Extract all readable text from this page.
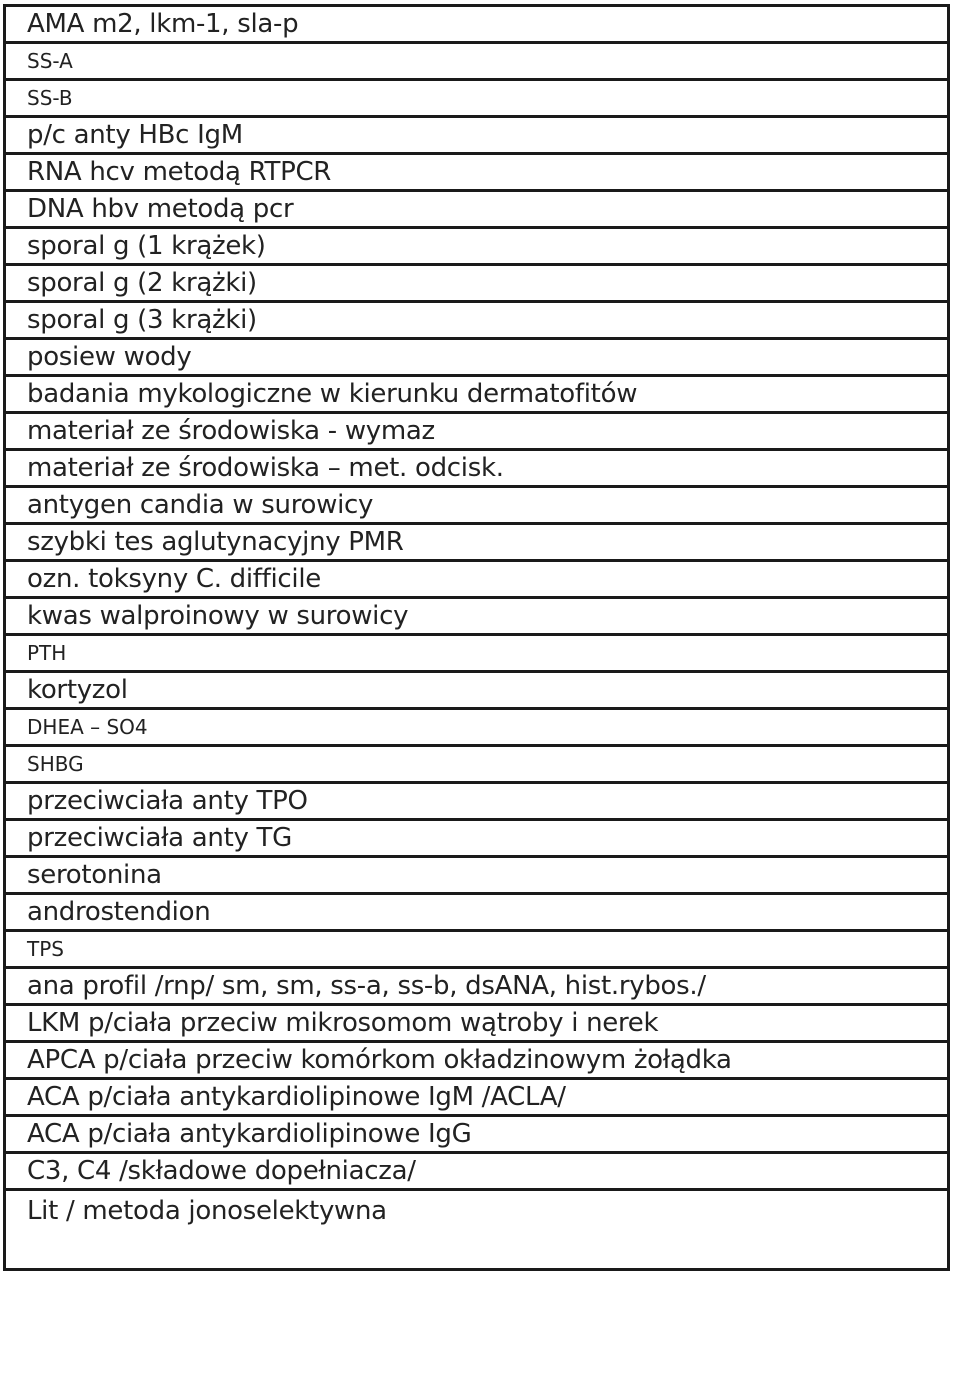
AMA m2, lkm-1, sla-p
SS-A
SS-B
p/c anty HBc IgM
RNA hcv metodą RTPCR
DNA hbv metodą pcr
sporal g (1 krążek)
sporal g (2 krążki)
sporal g (3 krążki)
posiew wody
badania mykologiczne w kierunku dermatofitów
materiał ze środowiska - wymaz
materiał ze środowiska – met. odcisk.
antygen candia w surowicy
szybki tes aglutynacyjny PMR
ozn. toksyny C. difficile
kwas walproinowy w surowicy
PTH
kortyzol
DHEA – SO4
SHBG
przeciwciała anty TPO
przeciwciała anty TG
serotonina
androstendion
TPS
ana profil /rnp/ sm, sm, ss-a, ss-b, dsANA, hist.rybos./
LKM p/ciała przeciw mikrosomom wątroby i nerek
APCA p/ciała przeciw komórkom okładzinowym żołądka
ACA p/ciała antykardiolipinowe IgM /ACLA/
ACA p/ciała antykardiolipinowe IgG
C3, C4 /składowe dopełniacza/
Lit / metoda jonoselektywna
